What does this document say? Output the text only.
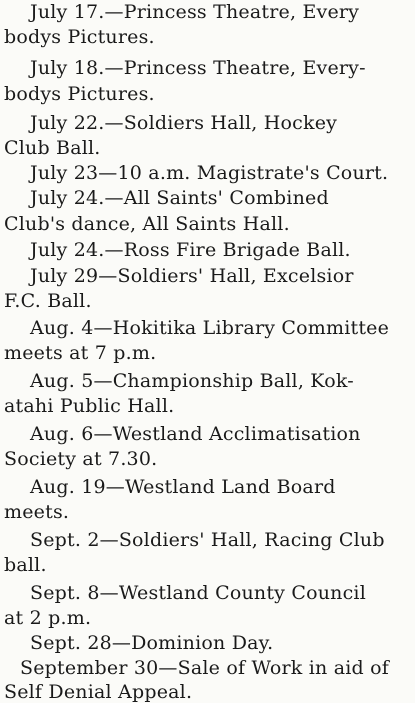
July 17.—Princess Theatre, Every
bodys Pictures.
July 18.—Princess Theatre, Every-
bodys Pictures.
July 22.—Soldiers Hall, Hockey
Club Ball.
July 23—10 a.m. Magistrate's Court.
July 24.—All Saints' Combined
Club's dance, All Saints Hall.
July 24.—Ross Fire Brigade Ball.
July 29—Soldiers' Hall, Excelsior
F.C. Ball.
Aug. 4—Hokitika Library Committee
meets at 7 p.m.
Aug. 5—Championship Ball, Kok-
atahi Public Hall.
Aug. 6—Westland Acclimatisation
Society at 7.30.
Aug. 19—Westland Land Board
meets.
Sept. 2—Soldiers' Hall, Racing Club
ball.
Sept. 8—Westland County Council
at 2 p.m.
Sept. 28—Dominion Day.
September 30—Sale of Work in aid of
Self Denial Appeal.
